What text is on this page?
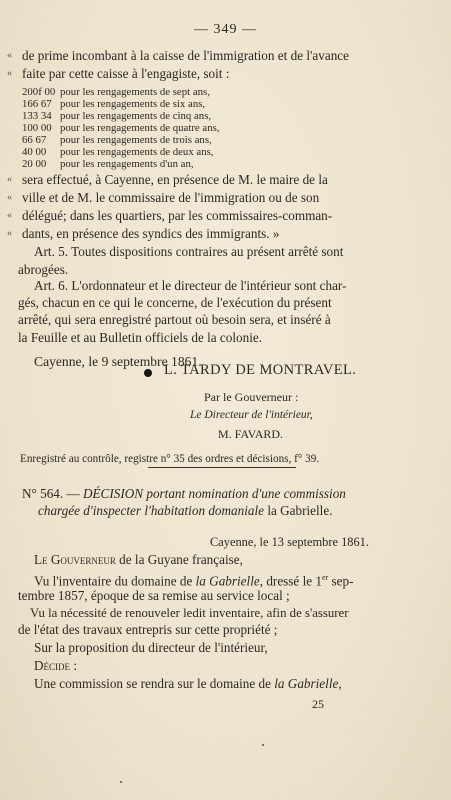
— 349 —
«
«
«
«
«
«
de prime incombant à la caisse de l'immigration et de l'avance
faite par cette caisse à l'engagiste, soit :
200f 00 pour les rengagements de sept ans,
166 67 pour les rengagements de six ans,
133 34 pour les rengagements de cinq ans,
100 00 pour les rengagements de quatre ans,
66 67 pour les rengagements de trois ans,
40 00 pour les rengagements de deux ans,
20 00 pour les rengagements d'un an,
sera effectué, à Cayenne, en présence de M. le maire de la
ville et de M. le commissaire de l'immigration ou de son
délégué; dans les quartiers, par les commissaires-comman-
dants, en présence des syndics des immigrants. »
Art. 5. Toutes dispositions contraires au présent arrêté sont
abrogées.
Art. 6. L'ordonnateur et le directeur de l'intérieur sont char-
gés, chacun en ce qui le concerne, de l'exécution du présent
arrêté, qui sera enregistré partout où besoin sera, et inséré à
la Feuille et au Bulletin officiels de la colonie.
Cayenne, le 9 septembre 1861.
L. TARDY DE MONTRAVEL.
Par le Gouverneur :
Le Directeur de l'intérieur,
M. FAVARD.
Enregistré au contrôle, registre n° 35 des ordres et décisions, f° 39.
N° 564. — DÉCISION portant nomination d'une commission
chargée d'inspecter l'habitation domaniale la Gabrielle.
Cayenne, le 13 septembre 1861.
Le Gouverneur de la Guyane française,
Vu l'inventaire du domaine de la Gabrielle, dressé le 1er sep-
tembre 1857, époque de sa remise au service local ;
Vu la nécessité de renouveler ledit inventaire, afin de s'assurer
de l'état des travaux entrepris sur cette propriété ;
Sur la proposition du directeur de l'intérieur,
Décide :
Une commission se rendra sur le domaine de la Gabrielle,
25
